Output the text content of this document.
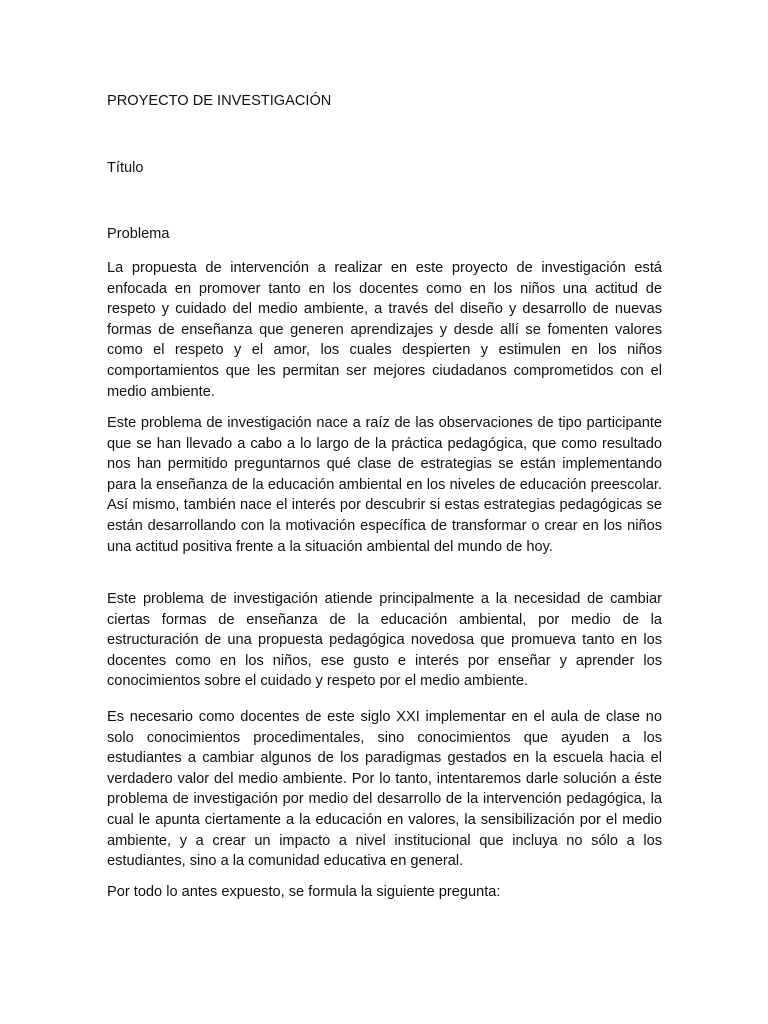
PROYECTO DE INVESTIGACIÓN

Título

Problema

La propuesta de intervención a realizar en este proyecto de investigación está enfocada en promover tanto en los docentes como en los niños una actitud de respeto y cuidado del medio ambiente, a través del diseño y desarrollo de nuevas formas de enseñanza que generen aprendizajes y desde allí se fomenten valores como el respeto y el amor, los cuales despierten y estimulen en los niños comportamientos que les permitan ser mejores ciudadanos comprometidos con el medio ambiente.

Este problema de investigación nace a raíz de las observaciones de tipo participante que se han llevado a cabo a lo largo de la práctica pedagógica, que como resultado nos han permitido preguntarnos qué clase de estrategias se están implementando para la enseñanza de la educación ambiental en los niveles de educación preescolar. Así mismo, también nace el interés por descubrir si estas estrategias pedagógicas se están desarrollando con la motivación específica de transformar o crear en los niños una actitud positiva frente a la situación ambiental del mundo de hoy.

Este problema de investigación atiende principalmente a la necesidad de cambiar ciertas formas de enseñanza de la educación ambiental, por medio de la estructuración de una propuesta pedagógica novedosa que promueva tanto en los docentes como en los niños, ese gusto e interés por enseñar y aprender los conocimientos sobre el cuidado y respeto por el medio ambiente.

Es necesario como docentes de este siglo XXI implementar en el aula de clase no solo conocimientos procedimentales, sino conocimientos que ayuden a los estudiantes a cambiar algunos de los paradigmas gestados en la escuela hacia el verdadero valor del medio ambiente. Por lo tanto, intentaremos darle solución a éste problema de investigación por medio del desarrollo de la intervención pedagógica, la cual le apunta ciertamente a la educación en valores, la sensibilización por el medio ambiente, y a crear un impacto a nivel institucional que incluya no sólo a los estudiantes, sino a la comunidad educativa en general.

Por todo lo antes expuesto, se formula la siguiente pregunta:
